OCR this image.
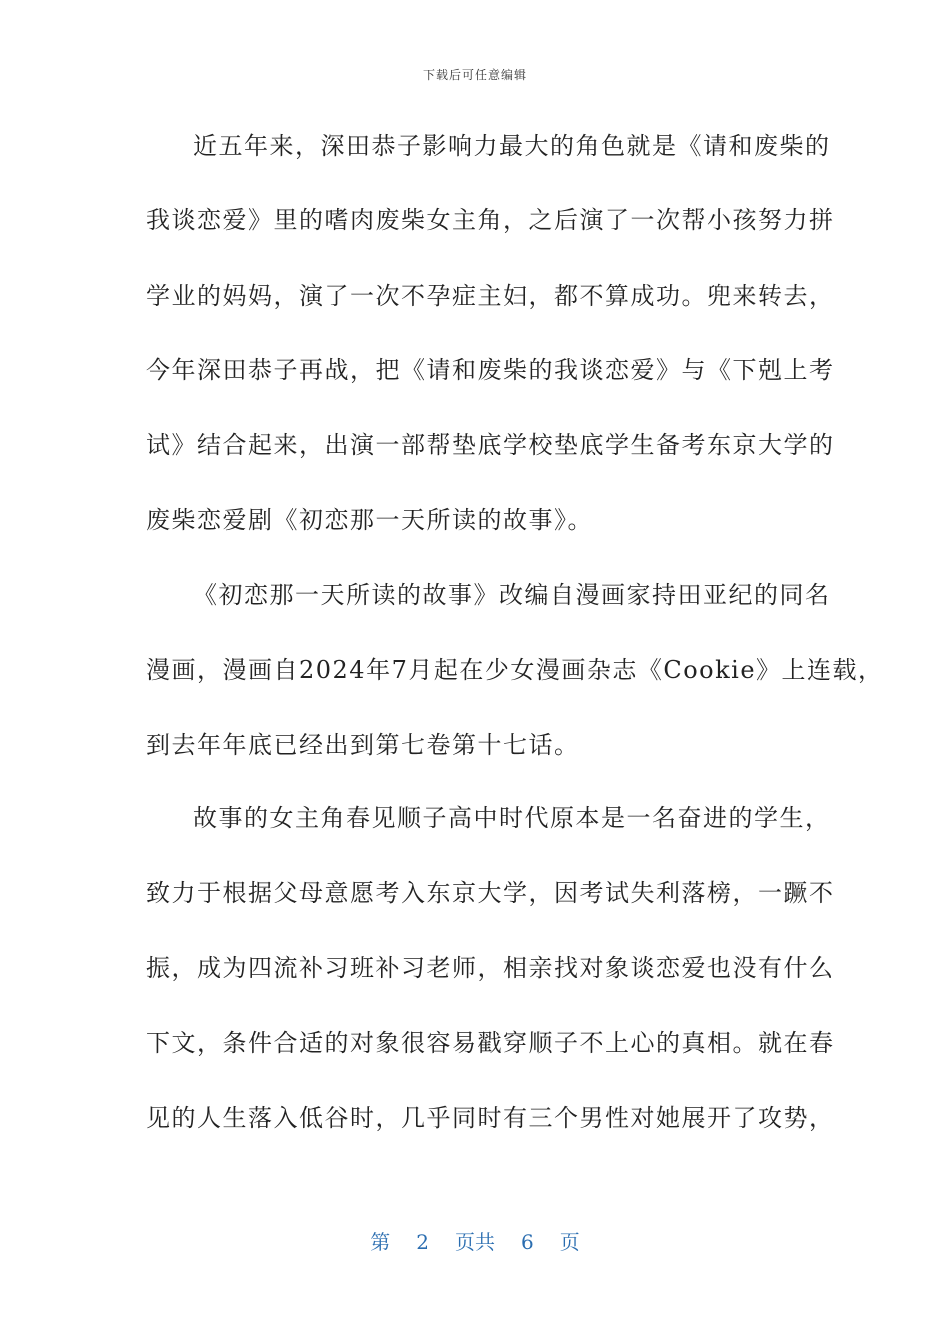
下载后可任意编辑
近五年来，深田恭子影响力最大的角色就是《请和废柴的
我谈恋爱》里的嗜肉废柴女主角，之后演了一次帮小孩努力拼
学业的妈妈，演了一次不孕症主妇，都不算成功。兜来转去，
今年深田恭子再战，把《请和废柴的我谈恋爱》与《下剋上考
试》结合起来，出演一部帮垫底学校垫底学生备考东京大学的
废柴恋爱剧《初恋那一天所读的故事》。
《初恋那一天所读的故事》改编自漫画家持田亚纪的同名
漫画，漫画自2024年7月起在少女漫画杂志《Cookie》上连载，
到去年年底已经出到第七卷第十七话。
故事的女主角春见顺子高中时代原本是一名奋进的学生，
致力于根据父母意愿考入东京大学，因考试失利落榜，一蹶不
振，成为四流补习班补习老师，相亲找对象谈恋爱也没有什么
下文，条件合适的对象很容易戳穿顺子不上心的真相。就在春
见的人生落入低谷时，几乎同时有三个男性对她展开了攻势，
第 2 页共 6 页
